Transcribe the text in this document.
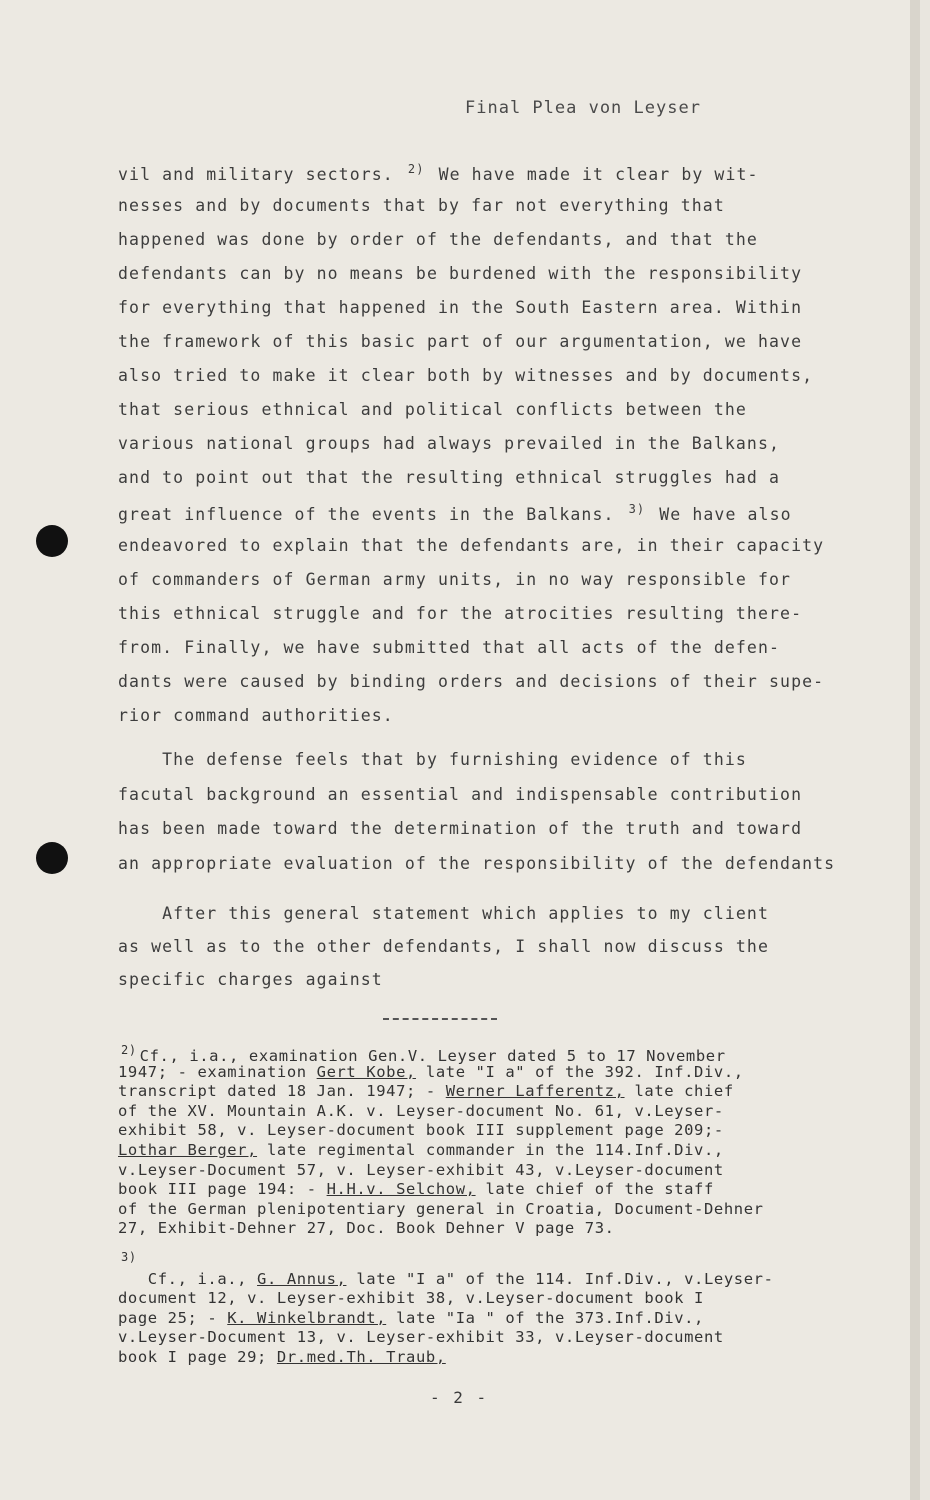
Final Plea von Leyser
vil and military sectors. $^{2)}$ We have made it clear by wit-
nesses and by documents that by far not everything that
happened was done by order of the defendants, and that the
defendants can by no means be burdened with the responsibility
for everything that happened in the South Eastern area. Within
the framework of this basic part of our argumentation, we have
also tried to make it clear both by witnesses and by documents,
that serious ethnical and political conflicts between the
various national groups had always prevailed in the Balkans,
and to point out that the resulting ethnical struggles had a
great influence of the events in the Balkans. $^{3)}$ We have also
endeavored to explain that the defendants are, in their capacity
of commanders of German army units, in no way responsible for
this ethnical struggle and for the atrocities resulting there-
from. Finally, we have submitted that all acts of the defen-
dants were caused by binding orders and decisions of their supe-
rior command authorities.
The defense feels that by furnishing evidence of this
facutal background an essential and indispensable contribution
has been made toward the determination of the truth and toward
an appropriate evaluation of the responsibility of the defendants
After this general statement which applies to my client
as well as to the other defendants, I shall now discuss the
specific charges against
$^{2)}$ Cf., i.a., examination Gen.V. Leyser dated 5 to 17 November
1947; - examination Gert Kobe, late "I a" of the 392. Inf.Div.,
transcript dated 18 Jan. 1947; - Werner Lafferentz, late chief
of the XV. Mountain A.K. v. Leyser-document No. 61, v.Leyser-
exhibit 58, v. Leyser-document book III supplement page 209;-
Lothar Berger, late regimental commander in the 114.Inf.Div.,
v.Leyser-Document 57, v. Leyser-exhibit 43, v.Leyser-document
book III page 194: - H.H.v. Selchow, late chief of the staff
of the German plenipotentiary general in Croatia, Document-Dehner
27, Exhibit-Dehner 27, Doc. Book Dehner V page 73.
$^{3)}$
Cf., i.a., G. Annus, late "I a" of the 114. Inf.Div., v.Leyser-
document 12, v. Leyser-exhibit 38, v.Leyser-document book I
page 25; - K. Winkelbrandt, late "Ia " of the 373.Inf.Div.,
v.Leyser-Document 13, v. Leyser-exhibit 33, v.Leyser-document
book I page 29; Dr.med.Th. Traub,
- 2 -
